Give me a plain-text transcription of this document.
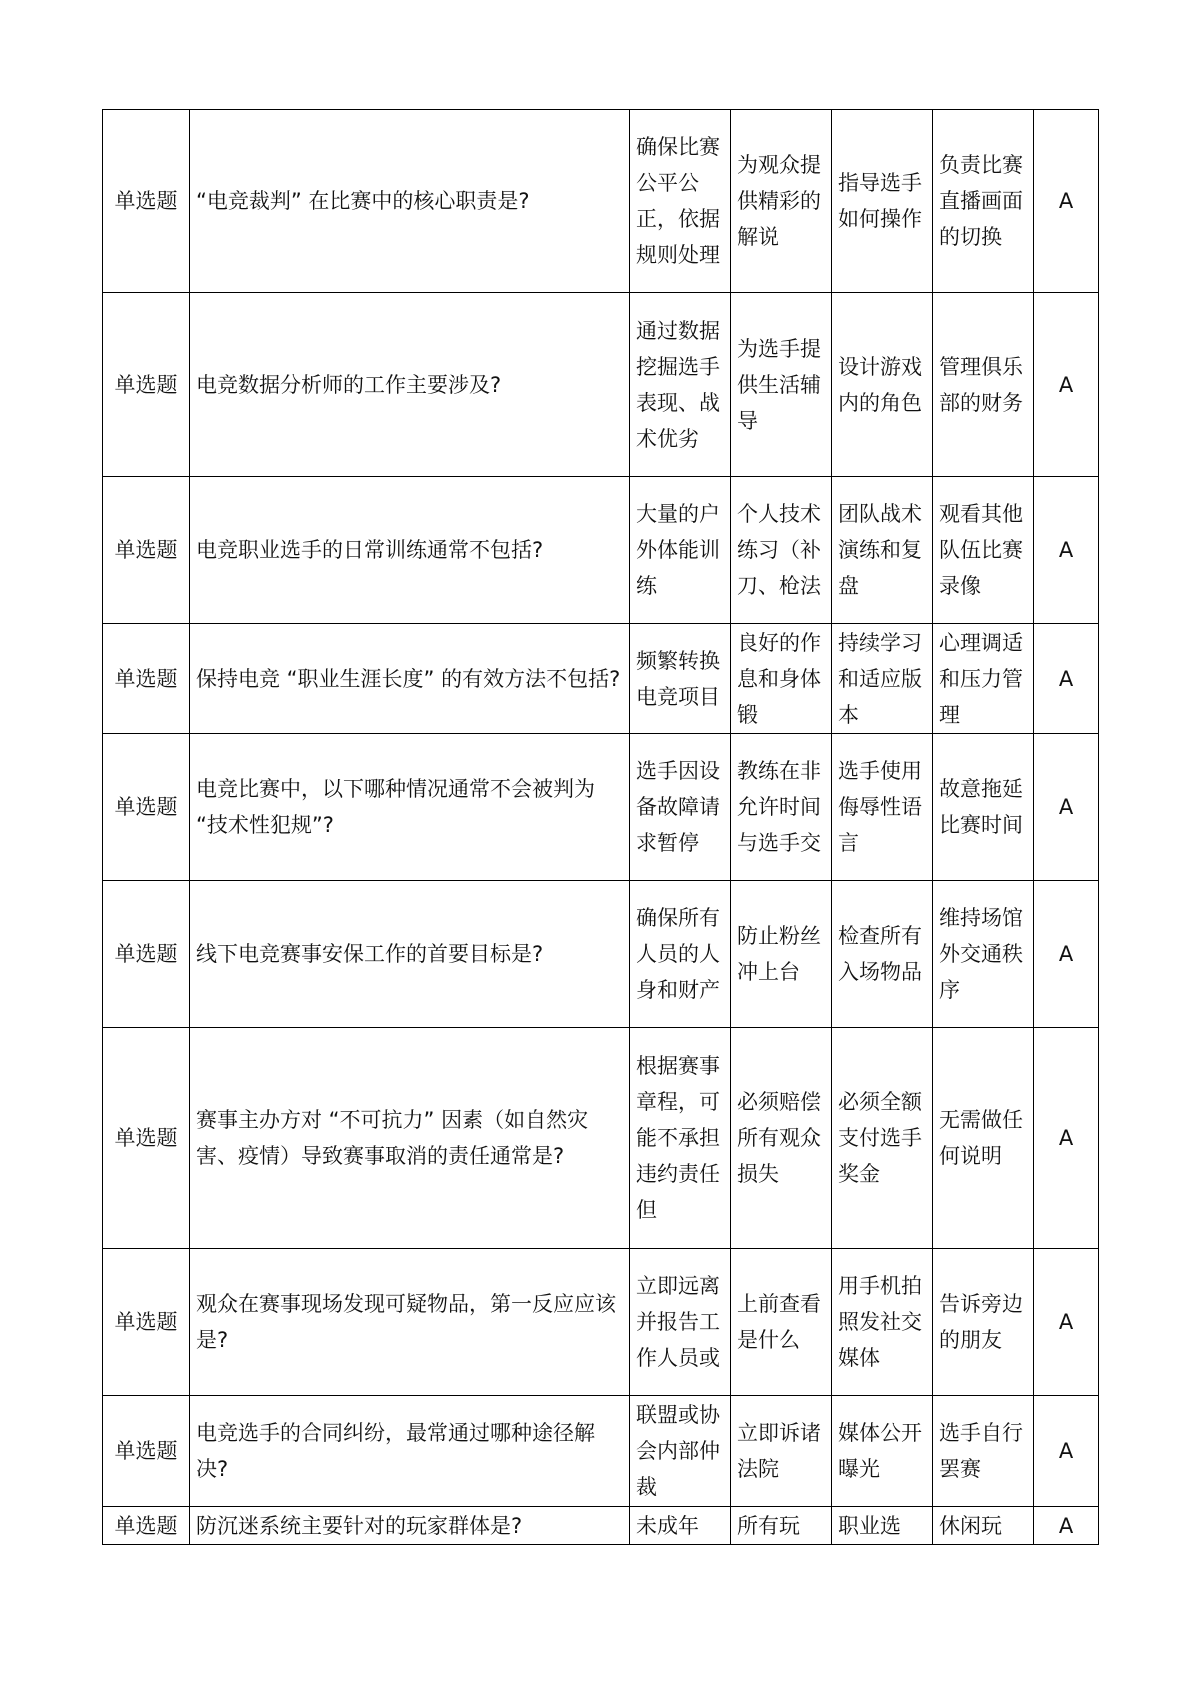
单选题	“电竞裁判” 在比赛中的核心职责是?	确保比赛公平公正，依据规则处理	为观众提供精彩的解说	指导选手如何操作	负责比赛直播画面的切换	A
单选题	电竞数据分析师的工作主要涉及?	通过数据挖掘选手表现、战术优劣	为选手提供生活辅导	设计游戏内的角色	管理俱乐部的财务	A
单选题	电竞职业选手的日常训练通常不包括?	大量的户外体能训练	个人技术练习（补刀、枪法	团队战术演练和复盘	观看其他队伍比赛录像	A
单选题	保持电竞 “职业生涯长度” 的有效方法不包括?	频繁转换电竞项目	良好的作息和身体锻	持续学习和适应版本	心理调适和压力管理	A
单选题	电竞比赛中，以下哪种情况通常不会被判为 “技术性犯规”?	选手因设备故障请求暂停	教练在非允许时间与选手交	选手使用侮辱性语言	故意拖延比赛时间	A
单选题	线下电竞赛事安保工作的首要目标是?	确保所有人员的人身和财产	防止粉丝冲上台	检查所有入场物品	维持场馆外交通秩序	A
单选题	赛事主办方对 “不可抗力” 因素（如自然灾害、疫情）导致赛事取消的责任通常是?	根据赛事章程，可能不承担违约责任但	必须赔偿所有观众损失	必须全额支付选手奖金	无需做任何说明	A
单选题	观众在赛事现场发现可疑物品，第一反应应该是?	立即远离并报告工作人员或	上前查看是什么	用手机拍照发社交媒体	告诉旁边的朋友	A
单选题	电竞选手的合同纠纷，最常通过哪种途径解决?	联盟或协会内部仲裁	立即诉诸法院	媒体公开曝光	选手自行罢赛	A
单选题	防沉迷系统主要针对的玩家群体是?	未成年	所有玩	职业选	休闲玩	A
